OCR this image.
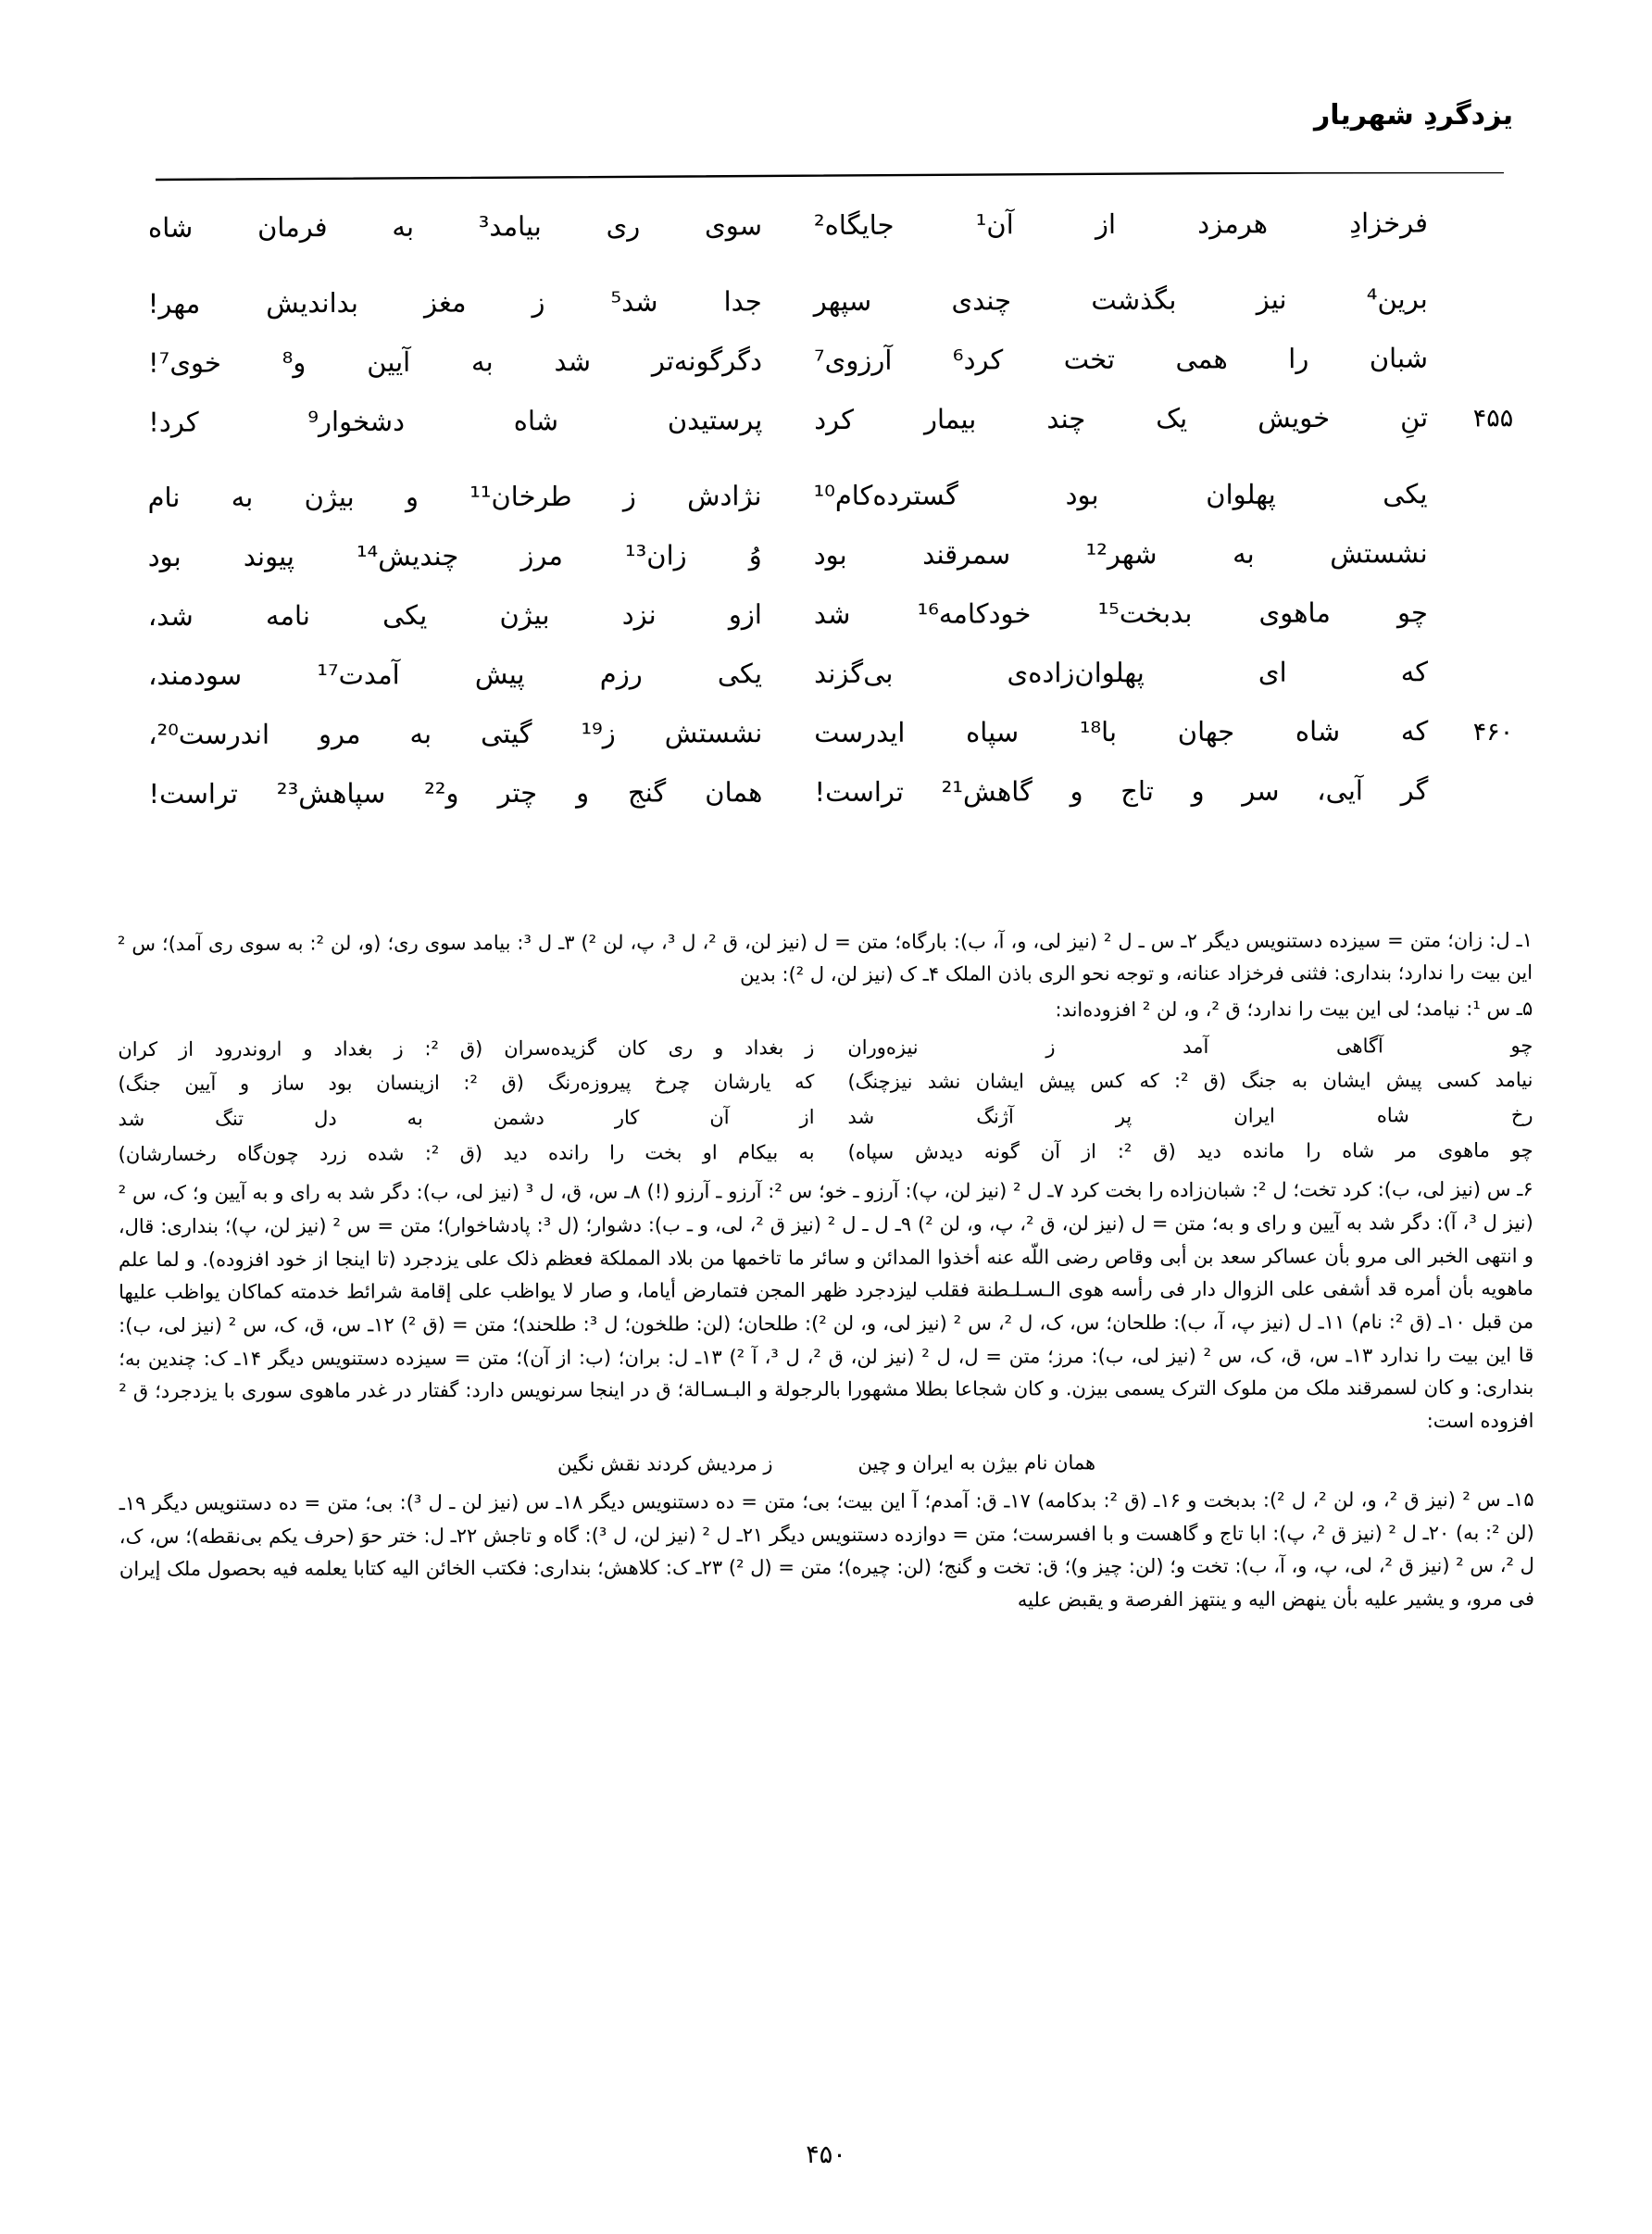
یزدگردِ شهریار
فرخزادِ هرمزد از آن¹ جایگاه²
سوی ری بیامد³ به فرمان شاه
برین⁴ نیز بگذشت چندی سپهر
جدا شد⁵ ز مغز بداندیش مهر!
شبان را همی تخت کرد⁶ آرزوی⁷
دگرگونه‌تر شد به آیین و⁸ خوی⁷!
۴۵۵
تنِ خویش یک چند بیمار کرد
پرستیدن شاه دشخوار⁹ کرد!
یکی پهلوان بود گسترده‌کام¹⁰
نژادش ز طرخان¹¹ و بیژن به نام
نشستش به شهر¹² سمرقند بود
وُ زان¹³ مرز چندیش¹⁴ پیوند بود
چو ماهوی بدبخت¹⁵ خودکامه¹⁶ شد
ازو نزد بیژن یکی نامه شد،
که ای پهلوان‌زاده‌ی بی‌گزند
یکی رزم پیش آمدت¹⁷ سودمند،
۴۶۰
که شاه جهان با¹⁸ سپاه ایدرست
نشستش ز¹⁹ گیتی به مرو اندرست²⁰،
گر آیی، سر و تاج و گاهش²¹ تراست!
همان گنج و چتر و²² سپاهش²³ تراست!

۱ـ ل: زان؛ متن = سیزده دستنویس دیگر ۲ـ س ـ ل ² (نیز لی، و، آ، ب): بارگاه؛ متن = ل (نیز لن، ق ²، ل ³، پ، لن ²) ۳ـ ل ³: بیامد سوی ری؛ (و، لن ²: به سوی ری آمد)؛ س ² این بیت را ندارد؛ بنداری: فثنی فرخزاد عنانه، و توجه نحو الری باذن الملک ۴ـ ک (نیز لن، ل ²): بدین

۵ـ س ¹: نیامد؛ لی این بیت را ندارد؛ ق ²، و، لن ² افزوده‌اند:

چو آگاهی آمد ز نیزه‌وران
ز بغداد و ری کان گزیده‌سران (ق ²: ز بغداد و اروندرود از کران
نیامد کسی پیش ایشان به جنگ (ق ²: که کس پیش ایشان نشد نیزچنگ)
که یارشان چرخ پیروزه‌رنگ (ق ²: ازینسان بود ساز و آیین جنگ)
رخ شاه ایران پر آژنگ شد
از آن کار دشمن به دل تنگ شد
چو ماهوی مر شاه را مانده دید (ق ²: از آن گونه دیدش سپاه)
به بیکام او بخت را رانده دید (ق ²: شده زرد چون‌گاه رخسارشان)

۶ـ س (نیز لی، ب): کرد تخت؛ ل ²: شبان‌زاده را بخت کرد ۷ـ ل ² (نیز لن، پ): آرزو ـ خو؛ س ²: آرزو ـ آرزو (!) ۸ـ س، ق، ل ³ (نیز لی، ب): دگر شد به رای و به آیین و؛ ک، س ² (نیز ل ³، آ): دگر شد به آیین و رای و به؛ متن = ل (نیز لن، ق ²، پ، و، لن ²) ۹ـ ل ـ ل ² (نیز ق ²، لی، و ـ ب): دشوار؛ (ل ³: پادشاخوار)؛ متن = س ² (نیز لن، پ)؛ بنداری: قال، و انتهی الخبر الی مرو بأن عساکر سعد بن أبی وقاص رضی اللّه عنه أخذوا المدائن و سائر ما تاخمها من بلاد المملکة فعظم ذلک علی یزدجرد (تا اینجا از خود افزوده). و لما علم ماهویه بأن أمره قد أشفی علی الزوال دار فی رأسه هوی الـسـلـطنة فقلب لیزدجرد ظهر المجن فتمارض أیاما، و صار لا یواظب علی إقامة شرائط خدمته کماکان یواظب علیها من قبل ۱۰ـ (ق ²: نام) ۱۱ـ ل (نیز پ، آ، ب): طلحان؛ س، ک، ل ²، س ² (نیز لی، و، لن ²): طلحان؛ (لن: طلخون؛ ل ³: طلحند)؛ متن = (ق ²) ۱۲ـ س، ق، ک، س ² (نیز لی، ب): قا این بیت را ندارد ۱۳ـ س، ق، ک، س ² (نیز لی، ب): مرز؛ متن = ل، ل ² (نیز لن، ق ²، ل ³، آ ²) ۱۳ـ ل: بران؛ (ب: از آن)؛ متن = سیزده دستنویس دیگر ۱۴ـ ک: چندین به؛ بنداری: و کان لسمرقند ملک من ملوک الترک یسمی بیزن. و کان شجاعا بطلا مشهورا بالرجولة و البـسـالة؛ ق در اینجا سرنویس دارد: گفتار در غدر ماهوی سوری با یزدجرد؛ ق ² افزوده است:

همان نام بیژن به ایران و چین
ز مردیش کردند نقش نگین

۱۵ـ س ² (نیز ق ²، و، لن ²، ل ²): بدبخت و ۱۶ـ (ق ²: بدکامه) ۱۷ـ ق: آمدم؛ آ این بیت؛ بی؛ متن = ده دستنویس دیگر ۱۸ـ س (نیز لن ـ ل ³): بی؛ متن = ده دستنویس دیگر ۱۹ـ (لن ²: به) ۲۰ـ ل ² (نیز ق ²، پ): ابا تاج و گاهست و با افسرست؛ متن = دوازده دستنویس دیگر ۲۱ـ ل ² (نیز لن، ل ³): گاه و تاجش ۲۲ـ ل: ختر حوَ (حرف یکم بی‌نقطه)؛ س، ک، ل ²، س ² (نیز ق ²، لی، پ، و، آ، ب): تخت و؛ (لن: چیز و)؛ ق: تخت و گنج؛ (لن: چیره)؛ متن = (ل ²) ۲۳ـ ک: کلاهش؛ بنداری: فکتب الخائن الیه کتابا یعلمه فیه بحصول ملک إیران فی مرو، و یشیر علیه بأن ینهض الیه و ینتهز الفرصة و یقبض علیه

۴۵۰
